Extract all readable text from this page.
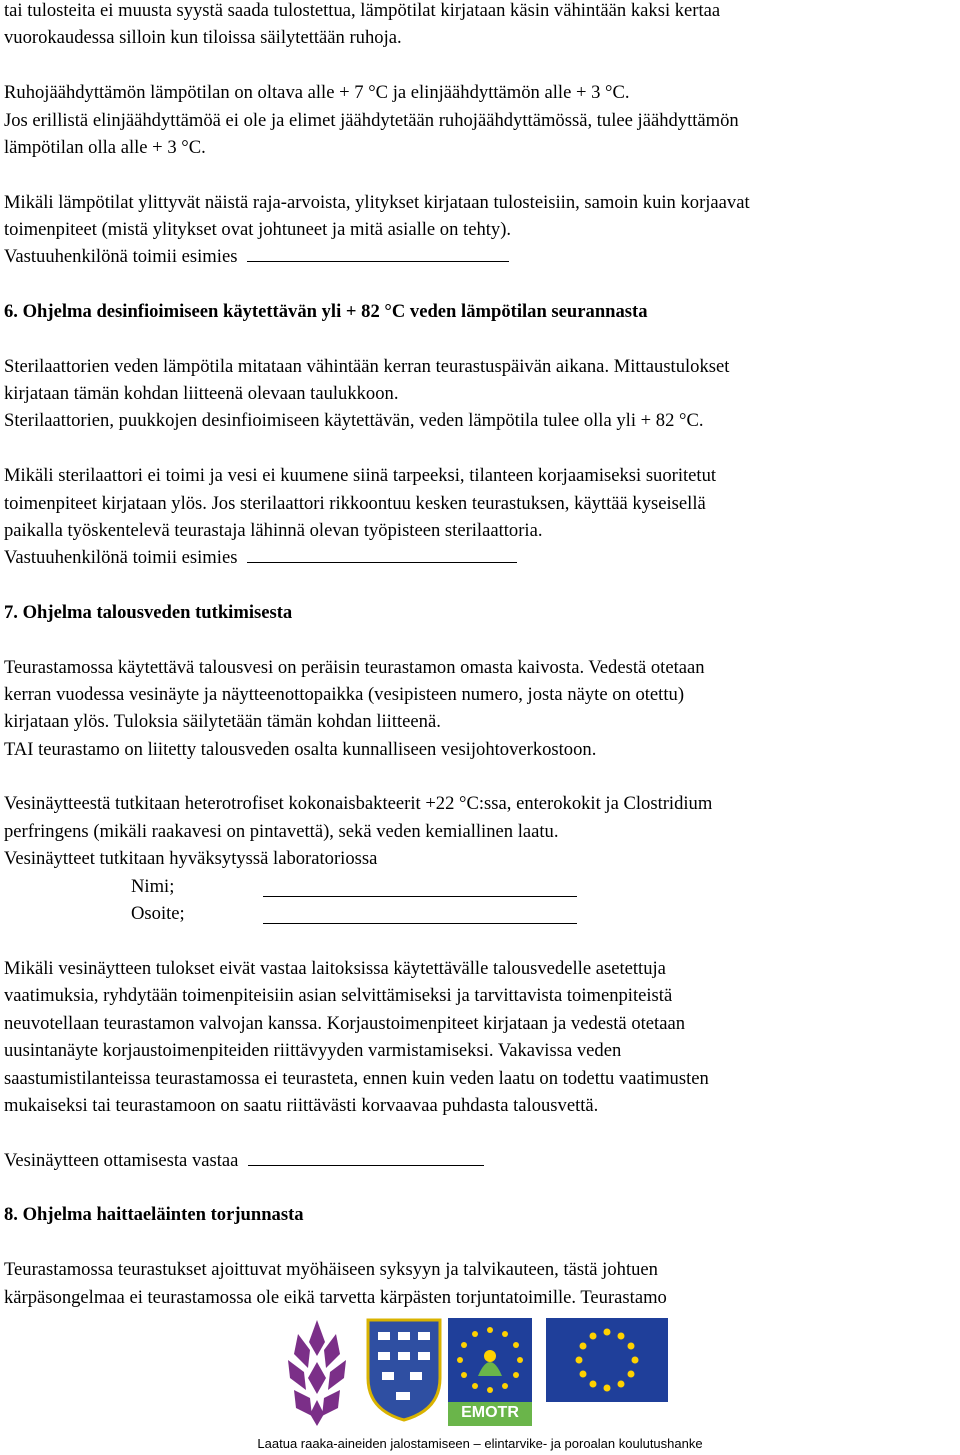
tai tulosteita ei muusta syystä saada tulostettua, lämpötilat kirjataan käsin vähintään kaksi kertaa
vuorokaudessa silloin kun tiloissa säilytettään ruhoja.
Ruhojäähdyttämön lämpötilan on oltava alle + 7 °C ja elinjäähdyttämön alle + 3 °C.
Jos erillistä elinjäähdyttämöä ei ole ja elimet jäähdytetään ruhojäähdyttämössä, tulee jäähdyttämön
lämpötilan olla alle + 3 °C.
Mikäli lämpötilat ylittyvät näistä raja-arvoista, ylitykset kirjataan tulosteisiin, samoin kuin korjaavat
toimenpiteet (mistä ylitykset ovat johtuneet ja mitä asialle on tehty).
Vastuuhenkilönä toimii esimies
6. Ohjelma desinfioimiseen käytettävän yli + 82 °C veden lämpötilan seurannasta
Sterilaattorien veden lämpötila mitataan vähintään kerran teurastuspäivän aikana. Mittaustulokset
kirjataan tämän kohdan liitteenä olevaan taulukkoon.
Sterilaattorien, puukkojen desinfioimiseen käytettävän, veden lämpötila tulee olla yli + 82 °C.
Mikäli sterilaattori ei toimi ja vesi ei kuumene siinä tarpeeksi, tilanteen korjaamiseksi suoritetut
toimenpiteet kirjataan ylös. Jos sterilaattori rikkoontuu kesken teurastuksen, käyttää kyseisellä
paikalla työskentelevä teurastaja lähinnä olevan työpisteen sterilaattoria.
Vastuuhenkilönä toimii esimies
7. Ohjelma talousveden tutkimisesta
Teurastamossa käytettävä talousvesi on peräisin teurastamon omasta kaivosta. Vedestä otetaan
kerran vuodessa vesinäyte ja näytteenottopaikka (vesipisteen numero, josta näyte on otettu)
kirjataan ylös. Tuloksia säilytetään tämän kohdan liitteenä.
TAI teurastamo on liitetty talousveden osalta kunnalliseen vesijohtoverkostoon.
Vesinäytteestä tutkitaan heterotrofiset kokonaisbakteerit +22 °C:ssa, enterokokit ja Clostridium
perfringens (mikäli raakavesi on pintavettä), sekä veden kemiallinen laatu.
Vesinäytteet tutkitaan hyväksytyssä laboratoriossa
Nimi;
Osoite;
Mikäli vesinäytteen tulokset eivät vastaa laitoksissa käytettävälle talousvedelle asetettuja
vaatimuksia, ryhdytään toimenpiteisiin asian selvittämiseksi ja tarvittavista toimenpiteistä
neuvotellaan teurastamon valvojan kanssa. Korjaustoimenpiteet kirjataan ja vedestä otetaan
uusintanäyte korjaustoimenpiteiden riittävyyden varmistamiseksi. Vakavissa veden
saastumistilanteissa teurastamossa ei teurasteta, ennen kuin veden laatu on todettu vaatimusten
mukaiseksi tai teurastamoon on saatu riittävästi korvaavaa puhdasta talousvettä.
Vesinäytteen ottamisesta vastaa
8. Ohjelma haittaeläinten torjunnasta
Teurastamossa teurastukset ajoittuvat myöhäiseen syksyyn ja talvikauteen, tästä johtuen
kärpäsongelmaa ei teurastamossa ole eikä tarvetta kärpästen torjuntatoimille. Teurastamo
EMOTR
Laatua raaka-aineiden jalostamiseen – elintarvike- ja poroalan koulutushanke
